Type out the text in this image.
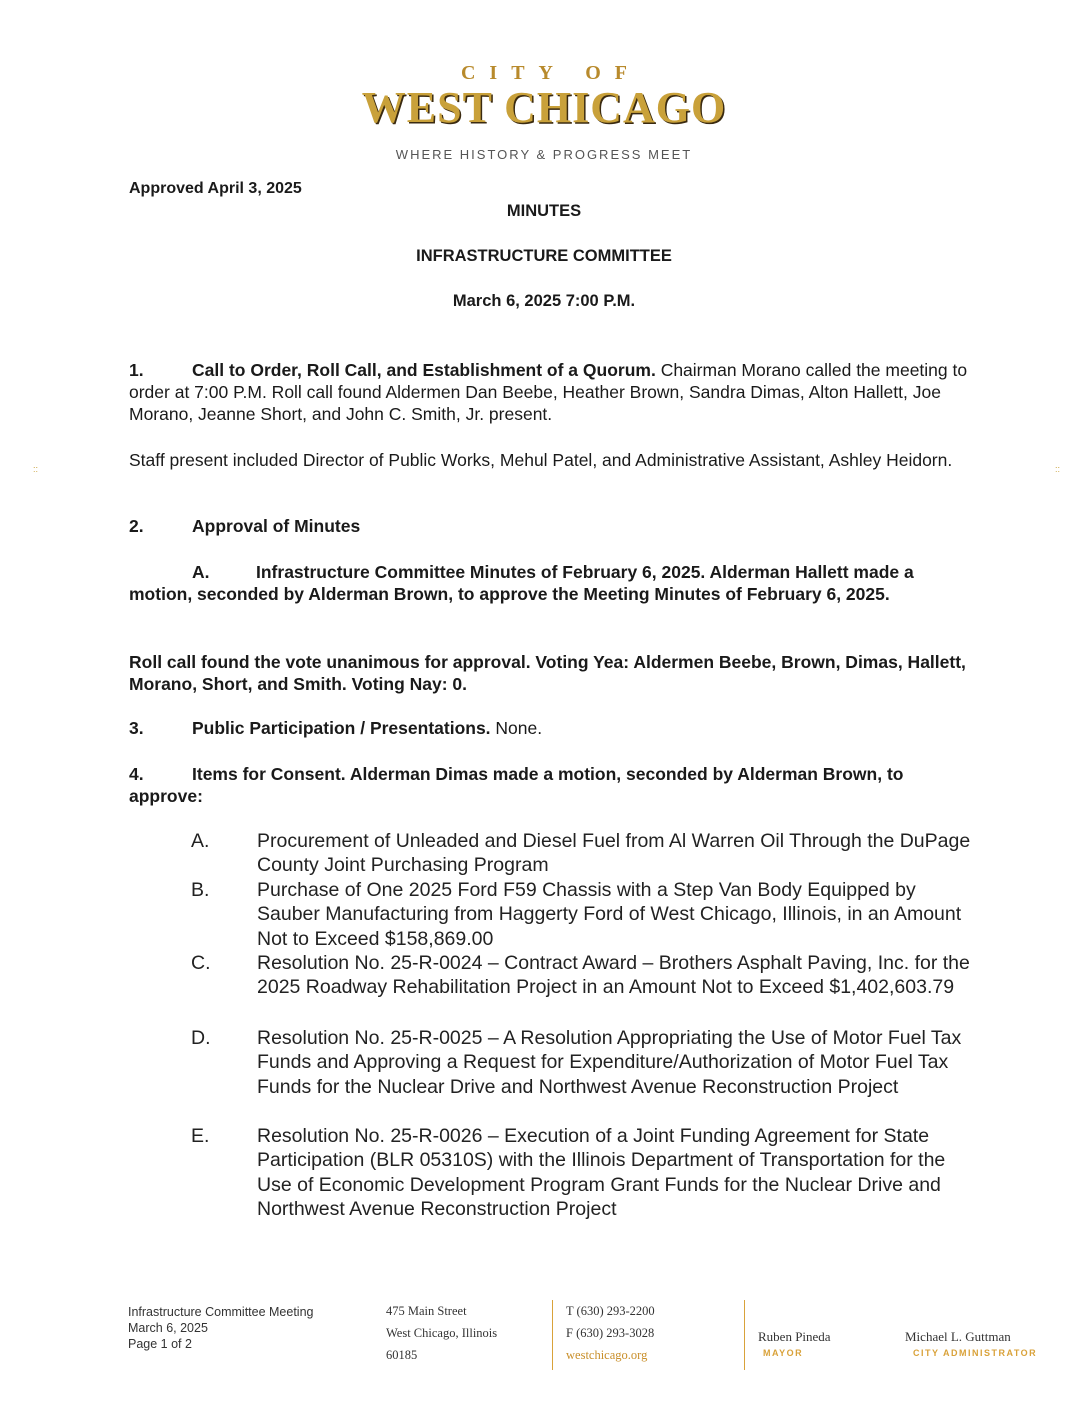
CITY OF
WEST CHICAGO
WHERE HISTORY & PROGRESS MEET
Approved April 3, 2025
MINUTES
INFRASTRUCTURE COMMITTEE
March 6, 2025 7:00 P.M.
::	::
1.	Call to Order, Roll Call, and Establishment of a Quorum. Chairman Morano called the meeting to order at 7:00 P.M. Roll call found Aldermen Dan Beebe, Heather Brown, Sandra Dimas, Alton Hallett, Joe Morano, Jeanne Short, and John C. Smith, Jr. present.
Staff present included Director of Public Works, Mehul Patel, and Administrative Assistant, Ashley Heidorn.
2.	Approval of Minutes
A.	Infrastructure Committee Minutes of February 6, 2025. Alderman Hallett made a motion, seconded by Alderman Brown, to approve the Meeting Minutes of February 6, 2025.
Roll call found the vote unanimous for approval. Voting Yea: Aldermen Beebe, Brown, Dimas, Hallett, Morano, Short, and Smith. Voting Nay: 0.
3.	Public Participation / Presentations. None.
4.	Items for Consent. Alderman Dimas made a motion, seconded by Alderman Brown, to approve:
A. Procurement of Unleaded and Diesel Fuel from Al Warren Oil Through the DuPage County Joint Purchasing Program
B. Purchase of One 2025 Ford F59 Chassis with a Step Van Body Equipped by Sauber Manufacturing from Haggerty Ford of West Chicago, Illinois, in an Amount Not to Exceed $158,869.00
C. Resolution No. 25-R-0024 – Contract Award – Brothers Asphalt Paving, Inc. for the 2025 Roadway Rehabilitation Project in an Amount Not to Exceed $1,402,603.79
D. Resolution No. 25-R-0025 – A Resolution Appropriating the Use of Motor Fuel Tax Funds and Approving a Request for Expenditure/Authorization of Motor Fuel Tax Funds for the Nuclear Drive and Northwest Avenue Reconstruction Project
E. Resolution No. 25-R-0026 – Execution of a Joint Funding Agreement for State Participation (BLR 05310S) with the Illinois Department of Transportation for the Use of Economic Development Program Grant Funds for the Nuclear Drive and Northwest Avenue Reconstruction Project
Infrastructure Committee Meeting
March 6, 2025
Page 1 of 2
475 Main Street
West Chicago, Illinois
60185
T (630) 293-2200
F (630) 293-3028
westchicago.org
Ruben Pineda
MAYOR
Michael L. Guttman
CITY ADMINISTRATOR
